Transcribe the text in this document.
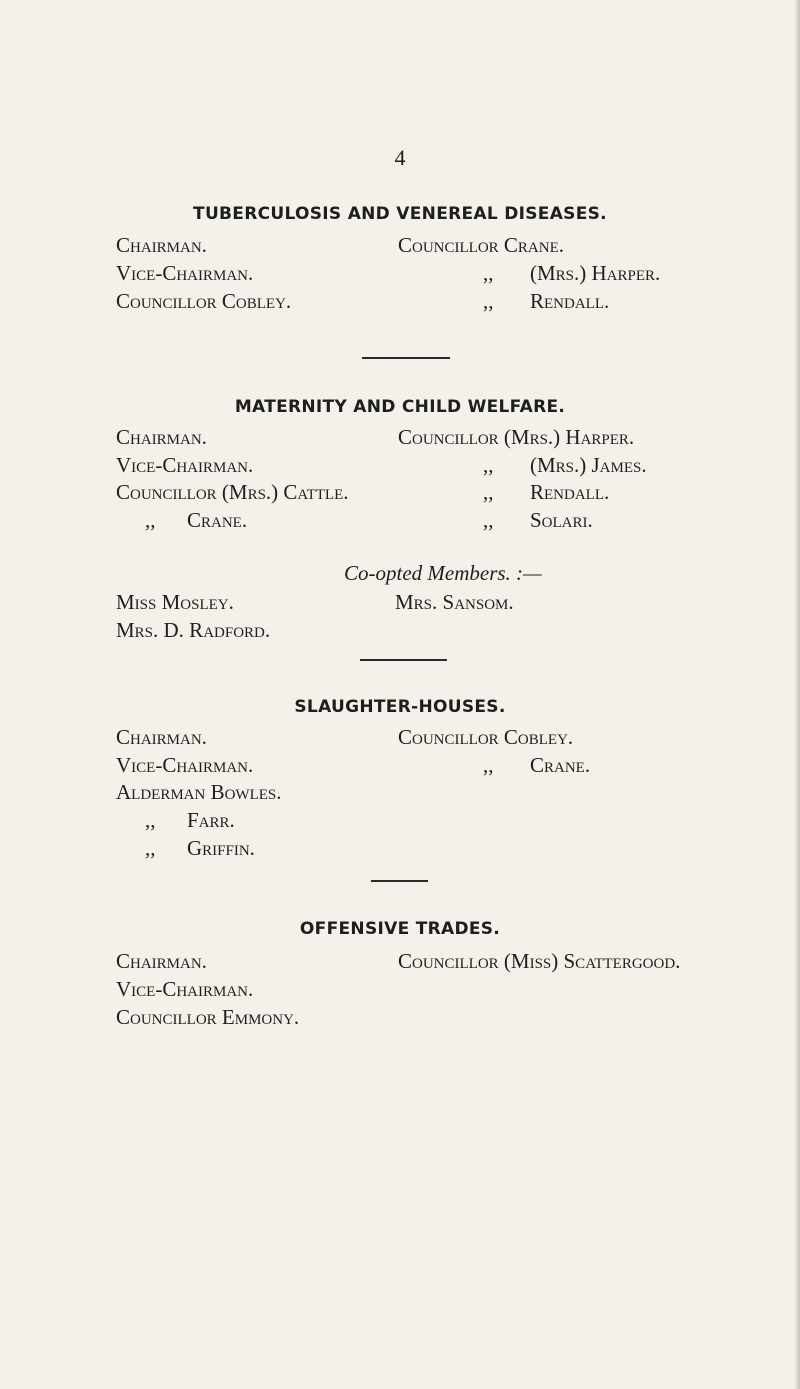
4
TUBERCULOSIS AND VENEREAL DISEASES.
Chairman.
Vice-Chairman.
Councillor Cobley.
Councillor Crane.
,, (Mrs.) Harper.
,, Rendall.
MATERNITY AND CHILD WELFARE.
Chairman.
Vice-Chairman.
Councillor (Mrs.) Cattle.
,, Crane.
Councillor (Mrs.) Harper.
,, (Mrs.) James.
,, Rendall.
,, Solari.
Co-opted Members. :—
Miss Mosley.
Mrs. D. Radford.
Mrs. Sansom.
SLAUGHTER-HOUSES.
Chairman.
Vice-Chairman.
Alderman Bowles.
,, Farr.
,, Griffin.
Councillor Cobley.
,, Crane.
OFFENSIVE TRADES.
Chairman.
Vice-Chairman.
Councillor Emmony.
Councillor (Miss) Scattergood.
